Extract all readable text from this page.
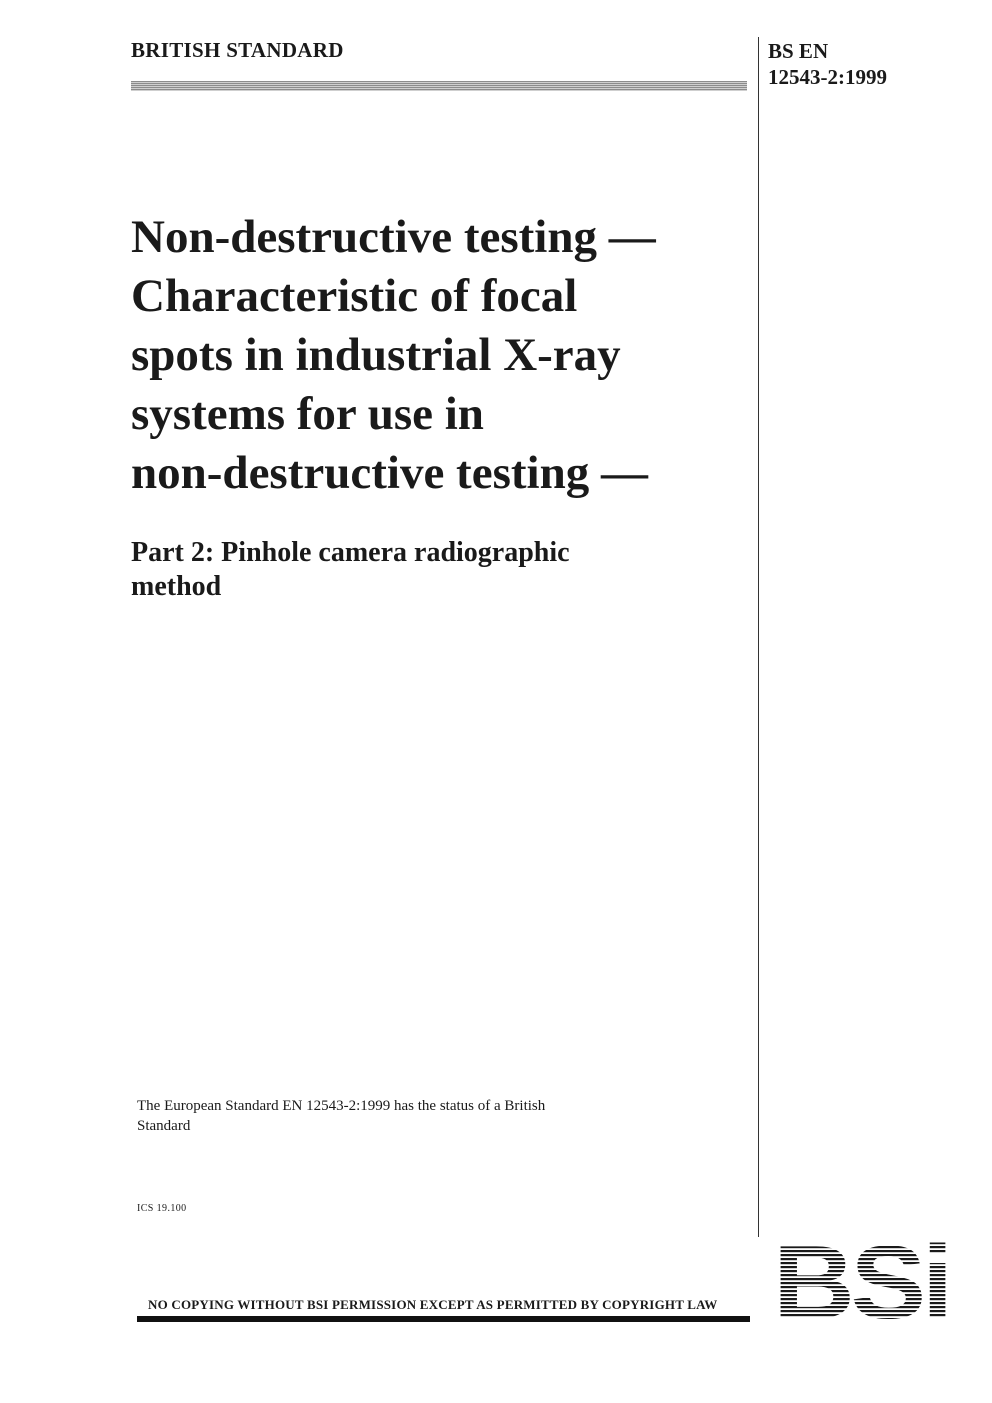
BRITISH STANDARD	BS EN
12543-2:1999
Non-destructive testing —
Characteristic of focal
spots in industrial X-ray
systems for use in
non-destructive testing —
Part 2: Pinhole camera radiographic
method
The European Standard EN 12543-2:1999 has the status of a British Standard
ICS 19.100
NO COPYING WITHOUT BSI PERMISSION EXCEPT AS PERMITTED BY COPYRIGHT LAW BSi
